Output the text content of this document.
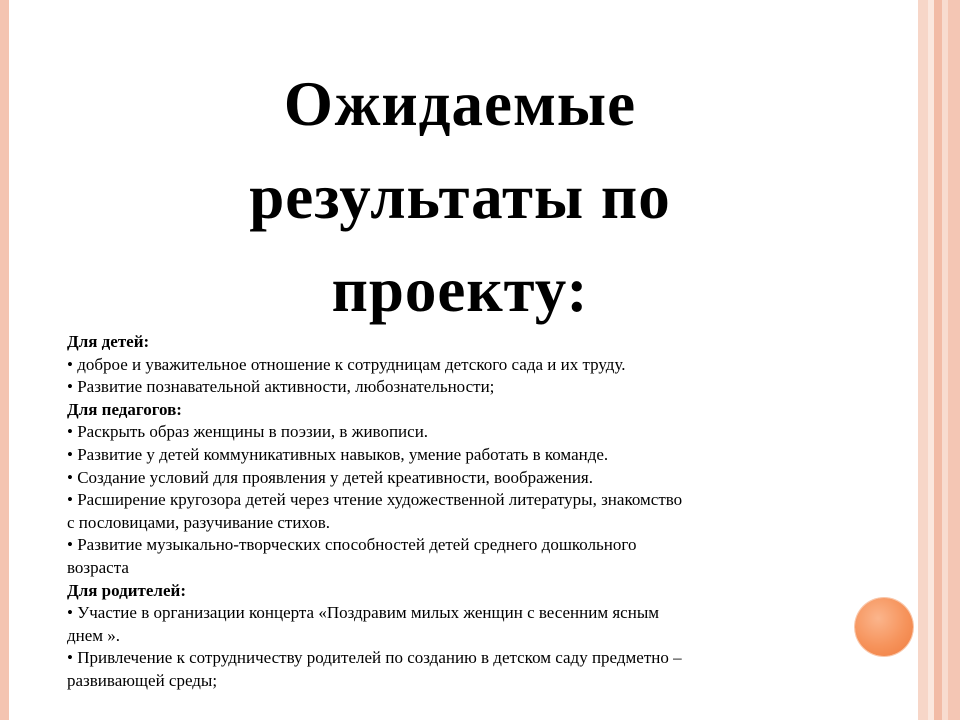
Ожидаемые
результаты по
проекту:
Для детей:
• доброе и уважительное отношение к сотрудницам детского сада и их труду.
• Развитие познавательной активности, любознательности;
Для педагогов:
• Раскрыть образ женщины в поэзии, в живописи.
• Развитие у детей коммуникативных навыков, умение работать в команде.
• Создание условий для проявления у детей креативности, воображения.
• Расширение кругозора детей через чтение художественной литературы, знакомство
с пословицами, разучивание стихов.
• Развитие музыкально-творческих способностей детей среднего дошкольного
возраста
Для родителей:
• Участие в организации концерта «Поздравим милых женщин с весенним ясным
днем ».
• Привлечение к сотрудничеству родителей по созданию в детском саду предметно –
развивающей среды;
